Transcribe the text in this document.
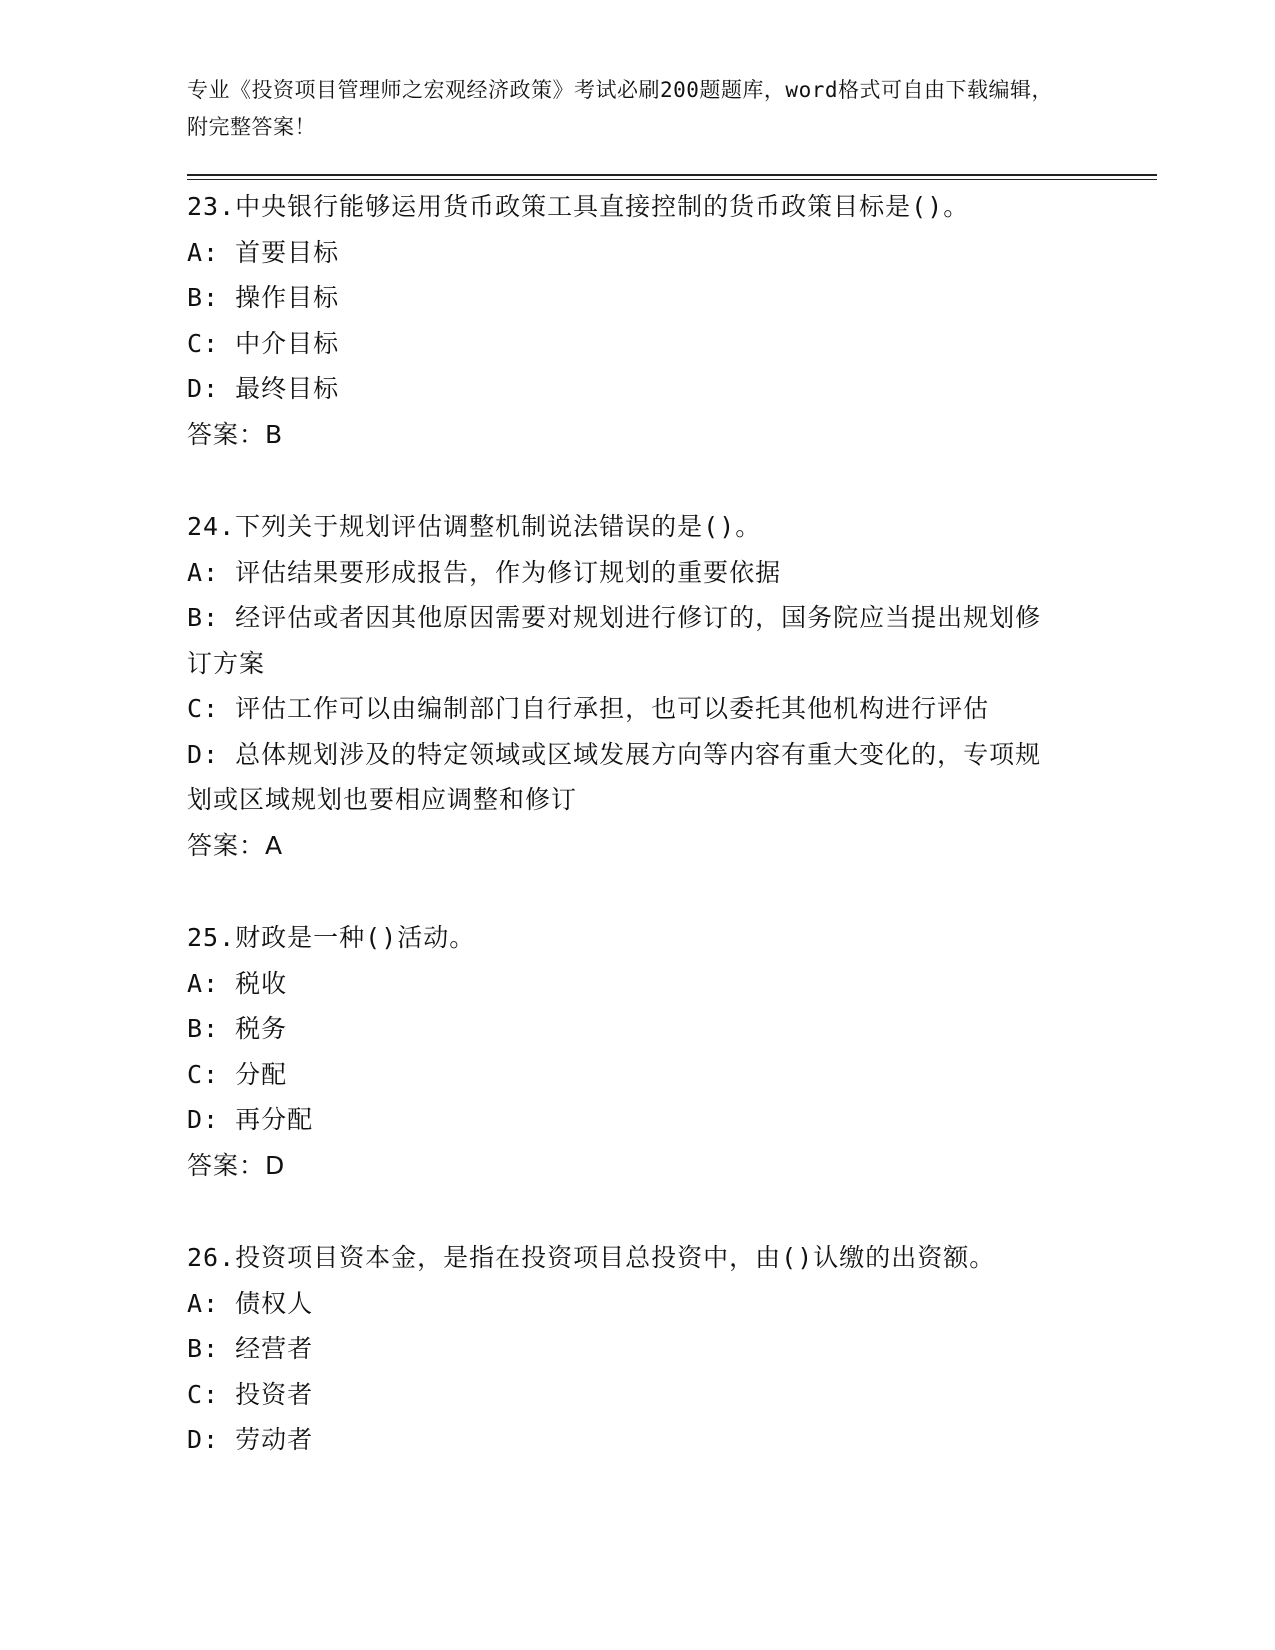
专业《投资项目管理师之宏观经济政策》考试必刷200题题库，word格式可自由下载编辑，附完整答案！

23.中央银行能够运用货币政策工具直接控制的货币政策目标是()。

A: 首要目标

B: 操作目标

C: 中介目标

D: 最终目标

答案：B

24.下列关于规划评估调整机制说法错误的是()。

A: 评估结果要形成报告，作为修订规划的重要依据

B: 经评估或者因其他原因需要对规划进行修订的，国务院应当提出规划修订方案

C: 评估工作可以由编制部门自行承担，也可以委托其他机构进行评估

D: 总体规划涉及的特定领域或区域发展方向等内容有重大变化的，专项规划或区域规划也要相应调整和修订

答案：A

25.财政是一种()活动。

A: 税收

B: 税务

C: 分配

D: 再分配

答案：D

26.投资项目资本金，是指在投资项目总投资中，由()认缴的出资额。

A: 债权人

B: 经营者

C: 投资者

D: 劳动者
